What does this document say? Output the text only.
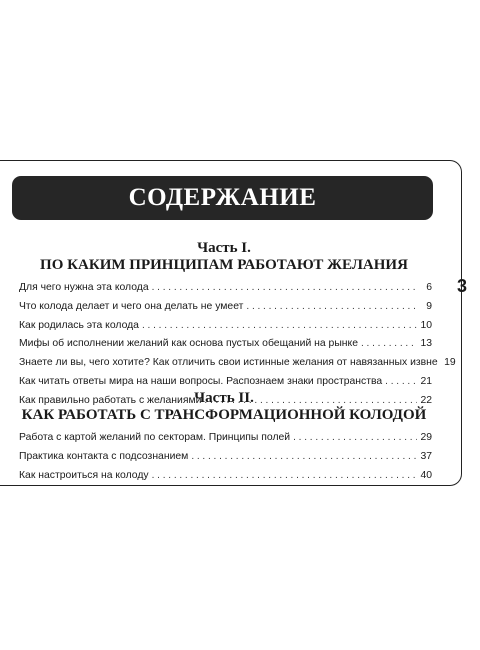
СОДЕРЖАНИЕ
3
Часть I.
ПО КАКИМ ПРИНЦИПАМ РАБОТАЮТ ЖЕЛАНИЯ
Для чего нужна эта колода . . .	6
Что колода делает и чего она делать не умеет . . .	9
Как родилась эта колода . . .	10
Мифы об исполнении желаний как основа пустых обещаний на рынке . . .	13
Знаете ли вы, чего хотите? Как отличить свои истинные желания от навязанных извне 19
Как читать ответы мира на наши вопросы. Распознаем знаки пространства . . .	21
Как правильно работать с желаниями . . .	22
Часть II.
КАК РАБОТАТЬ С ТРАНСФОРМАЦИОННОЙ КОЛОДОЙ
Работа с картой желаний по секторам. Принципы полей . . .	29
Практика контакта с подсознанием . . .	37
Как настроиться на колоду . . .	40
